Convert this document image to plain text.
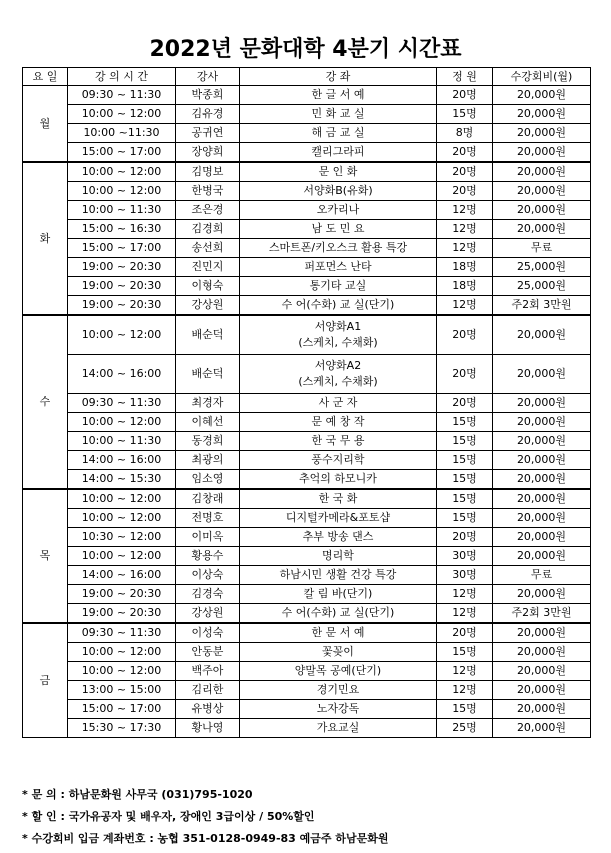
2022년 문화대학 4분기 시간표
요 일	강 의 시 간	강사	강 좌	정 원	수강회비(월)
월	09:30 ~ 11:30	박종희	한 글 서 예	20명	20,000원
	10:00 ~ 12:00	김유경	민 화 교 실	15명	20,000원
	10:00 ~11:30	공귀연	해 금 교 실	8명	20,000원
	15:00 ~ 17:00	장양희	캘리그라피	20명	20,000원
화	10:00 ~ 12:00	김명보	문 인 화	20명	20,000원
	10:00 ~ 12:00	한병국	서양화B(유화)	20명	20,000원
	10:00 ~ 11:30	조은경	오카리나	12명	20,000원
	15:00 ~ 16:30	김경희	남 도 민 요	12명	20,000원
	15:00 ~ 17:00	송선희	스마트폰/키오스크 활용 특강	12명	무료
	19:00 ~ 20:30	진민지	퍼포먼스 난타	18명	25,000원
	19:00 ~ 20:30	이형숙	통기타 교실	18명	25,000원
	19:00 ~ 20:30	강상원	수 어(수화) 교 실(단기)	12명	주2회 3만원
수	10:00 ~ 12:00	배순덕	서양화A1
(스케치, 수채화)	20명	20,000원
	14:00 ~ 16:00	배순덕	서양화A2
(스케치, 수채화)	20명	20,000원
	09:30 ~ 11:30	최경자	사 군 자	20명	20,000원
	10:00 ~ 12:00	이혜선	문 예 창 작	15명	20,000원
	10:00 ~ 11:30	동경희	한 국 무 용	15명	20,000원
	14:00 ~ 16:00	최광의	풍수지리학	15명	20,000원
	14:00 ~ 15:30	임소영	추억의 하모니카	15명	20,000원
목	10:00 ~ 12:00	김창래	한 국 화	15명	20,000원
	10:00 ~ 12:00	전명호	디지털카메라&포토샵	15명	20,000원
	10:30 ~ 12:00	이미옥	추부 방송 댄스	20명	20,000원
	10:00 ~ 12:00	황용수	명리학	30명	20,000원
	14:00 ~ 16:00	이상숙	하남시민 생활 건강 특강	30명	무료
	19:00 ~ 20:30	김경숙	칼 림 바(단기)	12명	20,000원
	19:00 ~ 20:30	강상원	수 어(수화) 교 실(단기)	12명	주2회 3만원
금	09:30 ~ 11:30	이성숙	한 문 서 예	20명	20,000원
	10:00 ~ 12:00	안동분	꽃꽂이	15명	20,000원
	10:00 ~ 12:00	백주아	양말목 공예(단기)	12명	20,000원
	13:00 ~ 15:00	김리한	경기민요	12명	20,000원
	15:00 ~ 17:00	유병상	노자강독	15명	20,000원
	15:30 ~ 17:30	황나영	가요교실	25명	20,000원
* 문 의 : 하남문화원 사무국 (031)795-1020
* 할 인 : 국가유공자 및 배우자, 장애인 3급이상 / 50%할인
* 수강회비 입금 계좌번호 : 농협 351-0128-0949-83 예금주 하남문화원
